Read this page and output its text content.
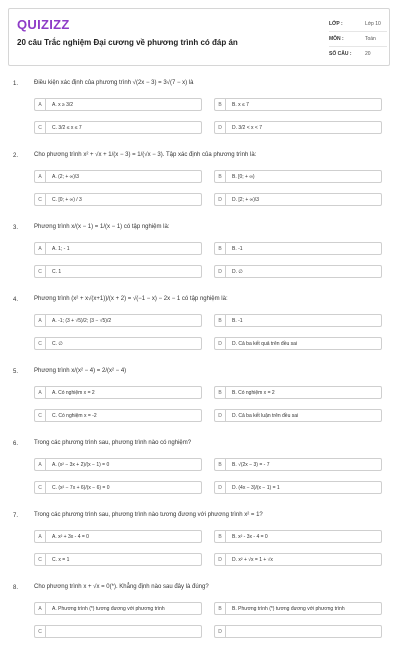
QUIZIZZ
20 câu Trắc nghiệm Đại cương về phương trình có đáp án
LỚP :	Lớp 10
MÔN :	Toán
SỐ CÂU :	20
1.	Điều kiện xác định của phương trình √(2x − 3) = 3√(7 − x) là
A	A. x ≥ 3/2	B	B. x ≤ 7
C	C. 3/2 ≤ x ≤ 7	D	D. 3/2 < x < 7
2.	Cho phương trình x² + √x + 1/(x − 3) = 1/(√x − 3). Tập xác định của phương trình là:
A	A. (2; + ∞)\3	B	B. [0; + ∞)
C	C. [0; + ∞) / 3	D	D. [2; + ∞)\3
3.	Phương trình x/(x − 1) = 1/(x − 1) có tập nghiệm là:
A	A. 1; - 1	B	B. -1
C	C. 1	D	D. ∅
4.	Phương trình (x² + x√(x+1))/(x + 2) = √(−1 − x) − 2x − 1 có tập nghiệm là:
A	A. -1; (3 + √5)/2; (3 − √5)/2	B	B. -1
C	C. ∅	D	D. Cả ba kết quả trên đều sai
5.	Phương trình x/(x² − 4) = 2/(x² − 4)
A	A. Có nghiệm x = 2	B	B. Có nghiệm x = 2
C	C. Có nghiệm x = -2	D	D. Cả ba kết luận trên đều sai
6.	Trong các phương trình sau, phương trình nào có nghiệm?
A	A. (x² − 3x + 2)/(x − 1) = 0	B	B. √(2x − 3) = - 7
C	C. (x² − 7x + 6)/(x − 6) = 0	D	D. (4x − 3)/(x − 1) = 1
7.	Trong các phương trình sau, phương trình nào tương đương với phương trình x² = 1?
A	A. x² + 3x - 4 = 0	B	B. x² - 3x - 4 = 0
C	C. x = 1	D	D. x² + √x = 1 + √x
8.	Cho phương trình x + √x = 0(*). Khẳng định nào sau đây là đúng?
A	A. Phương trình (*) tương đương với phương trình	B	B. Phương trình (*) tương đương với phương trình
C	D
